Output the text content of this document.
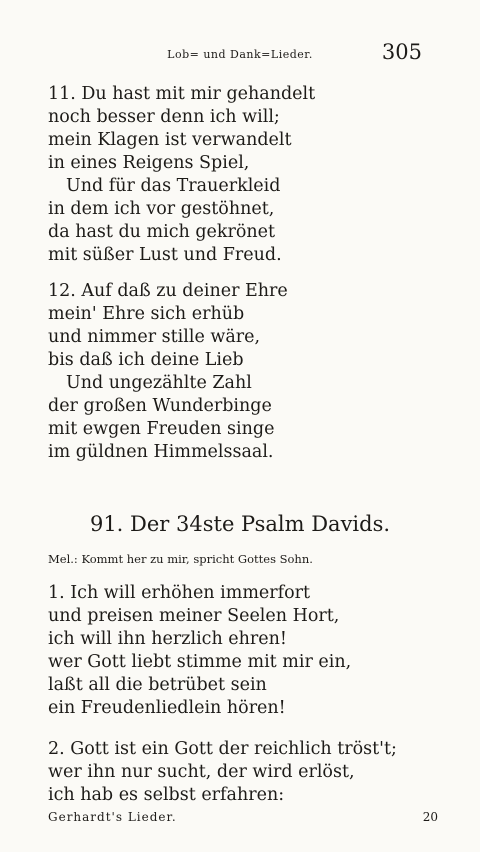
Lob= und Dank=Lieder.	305
11. Du hast mit mir gehandelt
noch besser denn ich will;
mein Klagen ist verwandelt
in eines Reigens Spiel,
Und für das Trauerkleid
in dem ich vor gestöhnet,
da hast du mich gekrönet
mit süßer Lust und Freud.
12. Auf daß zu deiner Ehre
mein' Ehre sich erhüb
und nimmer stille wäre,
bis daß ich deine Lieb
Und ungezählte Zahl
der großen Wunderbinge
mit ewgen Freuden singe
im güldnen Himmelssaal.
91. Der 34ste Psalm Davids.
Mel.: Kommt her zu mir, spricht Gottes Sohn.
1. Ich will erhöhen immerfort
und preisen meiner Seelen Hort,
ich will ihn herzlich ehren!
wer Gott liebt stimme mit mir ein,
laßt all die betrübet sein
ein Freudenliedlein hören!
2. Gott ist ein Gott der reichlich tröst't;
wer ihn nur sucht, der wird erlöst,
ich hab es selbst erfahren:
Gerhardt's Lieder.	20
